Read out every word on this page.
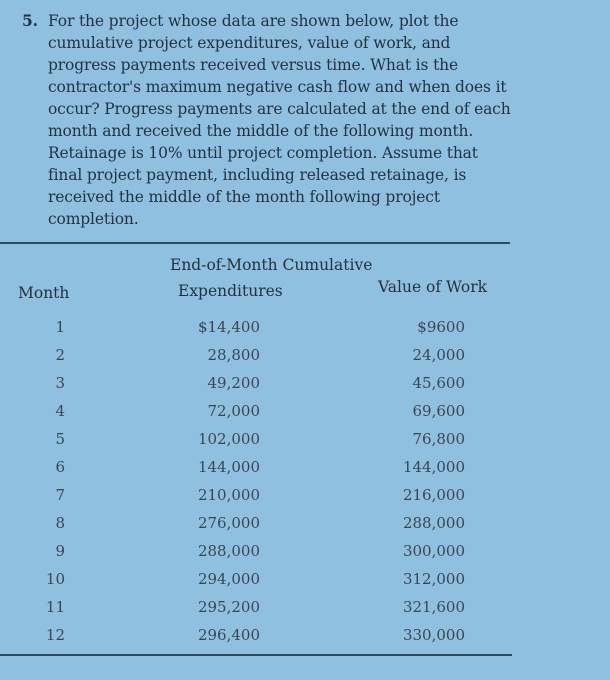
5. For the project whose data are shown below, plot the cumulative project expenditures, value of work, and progress payments received versus time. What is the contractor's maximum negative cash flow and when does it occur? Progress payments are calculated at the end of each month and received the middle of the following month. Retainage is 10% until project completion. Assume that final project payment, including released retainage, is received the middle of the month following project completion.
Month
End-of-Month Cumulative
Expenditures	Value of Work
1	$14,400	$9600
2	28,800	24,000
3	49,200	45,600
4	72,000	69,600
5	102,000	76,800
6	144,000	144,000
7	210,000	216,000
8	276,000	288,000
9	288,000	300,000
10	294,000	312,000
11	295,200	321,600
12	296,400	330,000
